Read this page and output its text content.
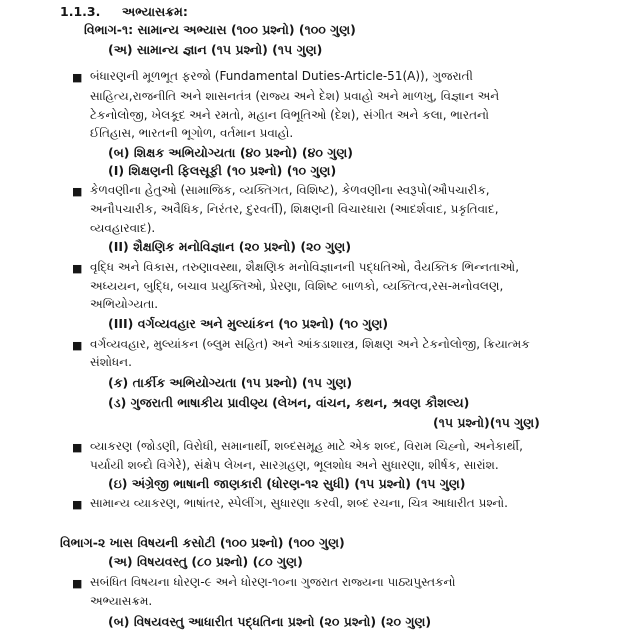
1.1.3. અભ્યાસક્રમ:
વિભાગ-૧: સામાન્ય અભ્યાસ (૧૦૦ પ્રશ્નો) (૧૦૦ ગુણ)
(અ) સામાન્ય જ્ઞાન (૧૫ પ્રશ્નો) (૧૫ ગુણ)
■ બંધારણની મૂળભૂત ફરજો (Fundamental Duties-Article-51(A)), ગુજરાતી
સાહિત્ય,રાજનીતિ અને શાસનતંત્ર (રાજ્ય અને દેશ) પ્રવાહો અને માળખુ, વિજ્ઞાન અને
ટેકનોલોજી, ખેલકૂદ અને રમતો, મહાન વિભૂતિઓ (દેશ), સંગીત અને કલા, ભારતનો
ઈતિહાસ, ભારતની ભૂગોળ, વર્તમાન પ્રવાહો.
(બ) શિક્ષક અભિયોગ્યતા (૪૦ પ્રશ્નો) (૪૦ ગુણ)
(I) શિક્ષણની ફિલસૂફી (૧૦ પ્રશ્નો) (૧૦ ગુણ)
■ કેળવણીના હેતુઓ (સામાજિક, વ્યક્તિગત, વિશિષ્ટ), કેળવણીના સ્વરૂપો(ઔપચારીક,
અનૌપચારીક, અવૈધિક, નિરંતર, દુરવર્તી), શિક્ષણની વિચારધારા (આદર્શવાદ, પ્રકૃતિવાદ,
વ્યવહારવાદ).
(II) શૈક્ષણિક મનોવિજ્ઞાન (૨૦ પ્રશ્નો) (૨૦ ગુણ)
■ વૃદ્ધિ અને વિકાસ, તરુણાવસ્થા, શૈક્ષણિક મનોવિજ્ઞાનની પદ્ધતિઓ, વૈયક્તિક ભિન્નતાઓ,
અધ્યયન, બુદ્ધિ, બચાવ પ્રયુક્તિઓ, પ્રેરણા, વિશિષ્ટ બાળકો, વ્યક્તિત્વ,રસ-મનોવલણ,
અભિયોગ્યતા.
(III) વર્ગવ્યવહાર અને મુલ્યાંકન (૧૦ પ્રશ્નો) (૧૦ ગુણ)
■ વર્ગવ્યવહાર, મુલ્યાંકન (બ્લુમ સહિત) અને આંકડાશાસ્ત્ર, શિક્ષણ અને ટેકનોલોજી, ક્રિયાત્મક
સંશોધન.
(ક) તાર્કીક અભિયોગ્યતા (૧૫ પ્રશ્નો) (૧૫ ગુણ)
(ડ) ગુજરાતી ભાષાકીય પ્રાવીણ્ય (લેખન, વાંચન, કથન, શ્રવણ કૌશલ્ય)
(૧૫ પ્રશ્નો)(૧૫ ગુણ)
■ વ્યાકરણ (જોડણી, વિરોધી, સમાનાર્થી, શબ્દસમૂહ માટે એક શબ્દ, વિરામ ચિહ્નો, અનેકાર્થી,
પર્યાયી શબ્દો વિગેરે), સંક્ષેપ લેખન, સારગ્રહણ, ભૂલશોધ અને સુધારણા, શીર્ષક, સારાંશ.
(ઇ) અંગ્રેજી ભાષાની જાણકારી (ધોરણ-૧૨ સુધી) (૧૫ પ્રશ્નો) (૧૫ ગુણ)
■ સામાન્ય વ્યાકરણ, ભાષાંતર, સ્પેલીંગ, સુધારણા કરવી, શબ્દ રચના, ચિત્ર આધારીત પ્રશ્નો.
વિભાગ-૨ ખાસ વિષયની કસોટી (૧૦૦ પ્રશ્નો) (૧૦૦ ગુણ)
(અ) વિષયવસ્તુ (૮૦ પ્રશ્નો) (૮૦ ગુણ)
■ સબંધિત વિષયના ધોરણ-૯ અને ધોરણ-૧૦ના ગુજરાત રાજ્યના પાઠ્યપુસ્તકનો
અભ્યાસક્રમ.
(બ) વિષયવસ્તુ આધારીત પદ્ધતિના પ્રશ્નો (૨૦ પ્રશ્નો) (૨૦ ગુણ)
